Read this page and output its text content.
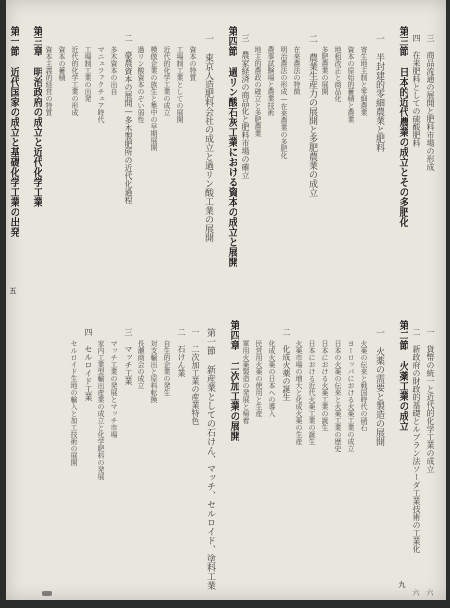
三 商品流通の展開と肥料市場の形成
四 在来肥料としての硫酸肥料
第三節 日本的近代農業の成立とその多肥化
一 半封建的零細農業と肥料
寄生地主制と零細農業
資本の原始的蓄積と農業
地租改正と商品化
多肥農業の展開
二 農業生産力の展開と多肥農業の成立
在来農法の特徴
明治農法の形成—在来農業の多肥化
農事試験場と農業技術
地主的農政の確立と多肥農業
三 農家経済の商品化と肥料市場の確立
第四節 過リン酸石灰工業における資本の成立と展開
一 東京人造肥料会社の成立と過リン酸工業の展開
資本の特質
工場制工業としての展開
近代的化学工業の成立
模倣企業の族生と集中の早期展開
過リン酸資本のぞい弱性
二 豪農資本の展開—多木製肥所の近代化過程
多木資本の出自
マニュファクチュア時代
工場制工業の出発
近代的化学工業の形成
資本の蓄積
資本主義的経営の特質
第三章 明治政府の成立と近代化学工業
第一節 近代国家の成立と基礎化学工業の出発
五
一 貨幣の統一と近代的化学工業の成立
六
二 新政府の財政的基礎とルブラン法ソーダ工業技術の工業化
六
第二節 火薬工業の成立
九
一 火薬の需要と製造の展開
火薬の伝来と戦国時代の硝石
ヨーロッパにおける火薬工業の成立
日本の火薬の伝来と火薬工業の歴史
日本における火薬工業の誕生
日本における近代火薬工業の誕生
火薬市場の増大と化成火薬の生産
二 化成火薬の誕生
化成火薬の日本への導入
民営用火薬の使用と生産
軍用火薬製造の発展と帰着
第四章 二次加工業の展開
第一節 新産業としての石けん、マッチ、セルロイド、塗料工業
一 二次加工業の産業特色
二 石けん業
自生的企業の発生
対支輸出と原料転換
長瀬商会の成立
三 マッチ工業
マッチ工業の発展とマッチ市場
家内工業型輸出産業の成立と化学肥料の発展
四 セルロイド工業
セルロイド生地の輸入と加工技術の展開
